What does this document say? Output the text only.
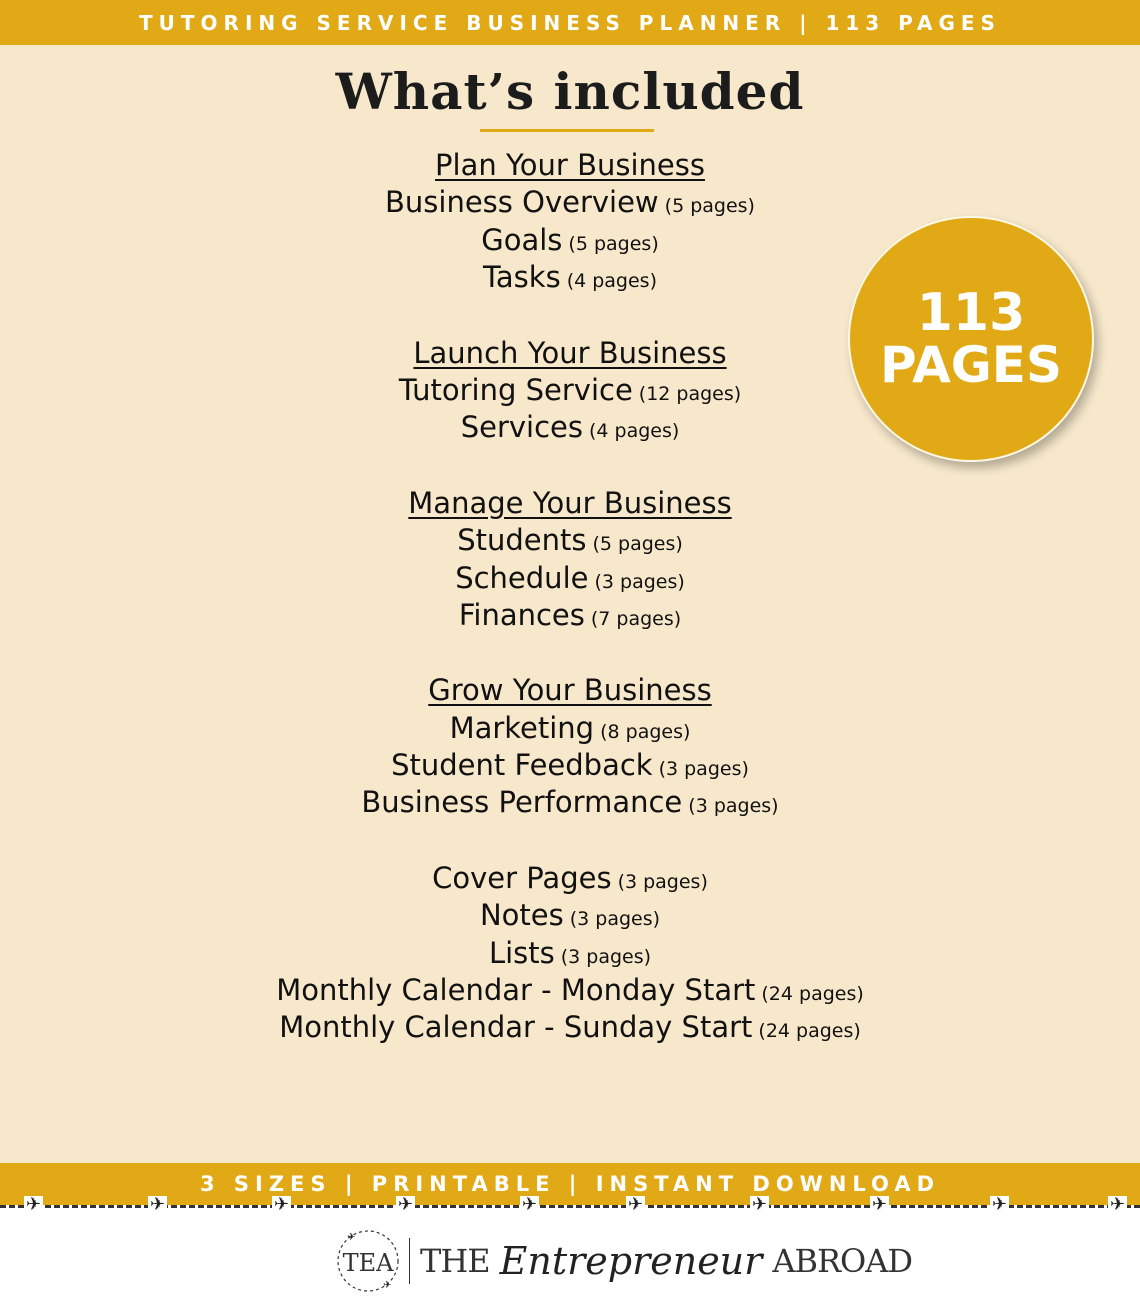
TUTORING SERVICE BUSINESS PLANNER | 113 PAGES
What’s included
Plan Your Business
Business Overview (5 pages)
Goals (5 pages)
Tasks (4 pages)
Launch Your Business
Tutoring Service (12 pages)
Services (4 pages)
Manage Your Business
Students (5 pages)
Schedule (3 pages)
Finances (7 pages)
Grow Your Business
Marketing (8 pages)
Student Feedback (3 pages)
Business Performance (3 pages)
Cover Pages (3 pages)
Notes (3 pages)
Lists (3 pages)
Monthly Calendar - Monday Start (24 pages)
Monthly Calendar - Sunday Start (24 pages)
113
PAGES
3 SIZES | PRINTABLE | INSTANT DOWNLOAD
✈	✈	✈	✈	✈	✈	✈	✈	✈	✈
TEA
✈
✈
THE Entrepreneur ABROAD
